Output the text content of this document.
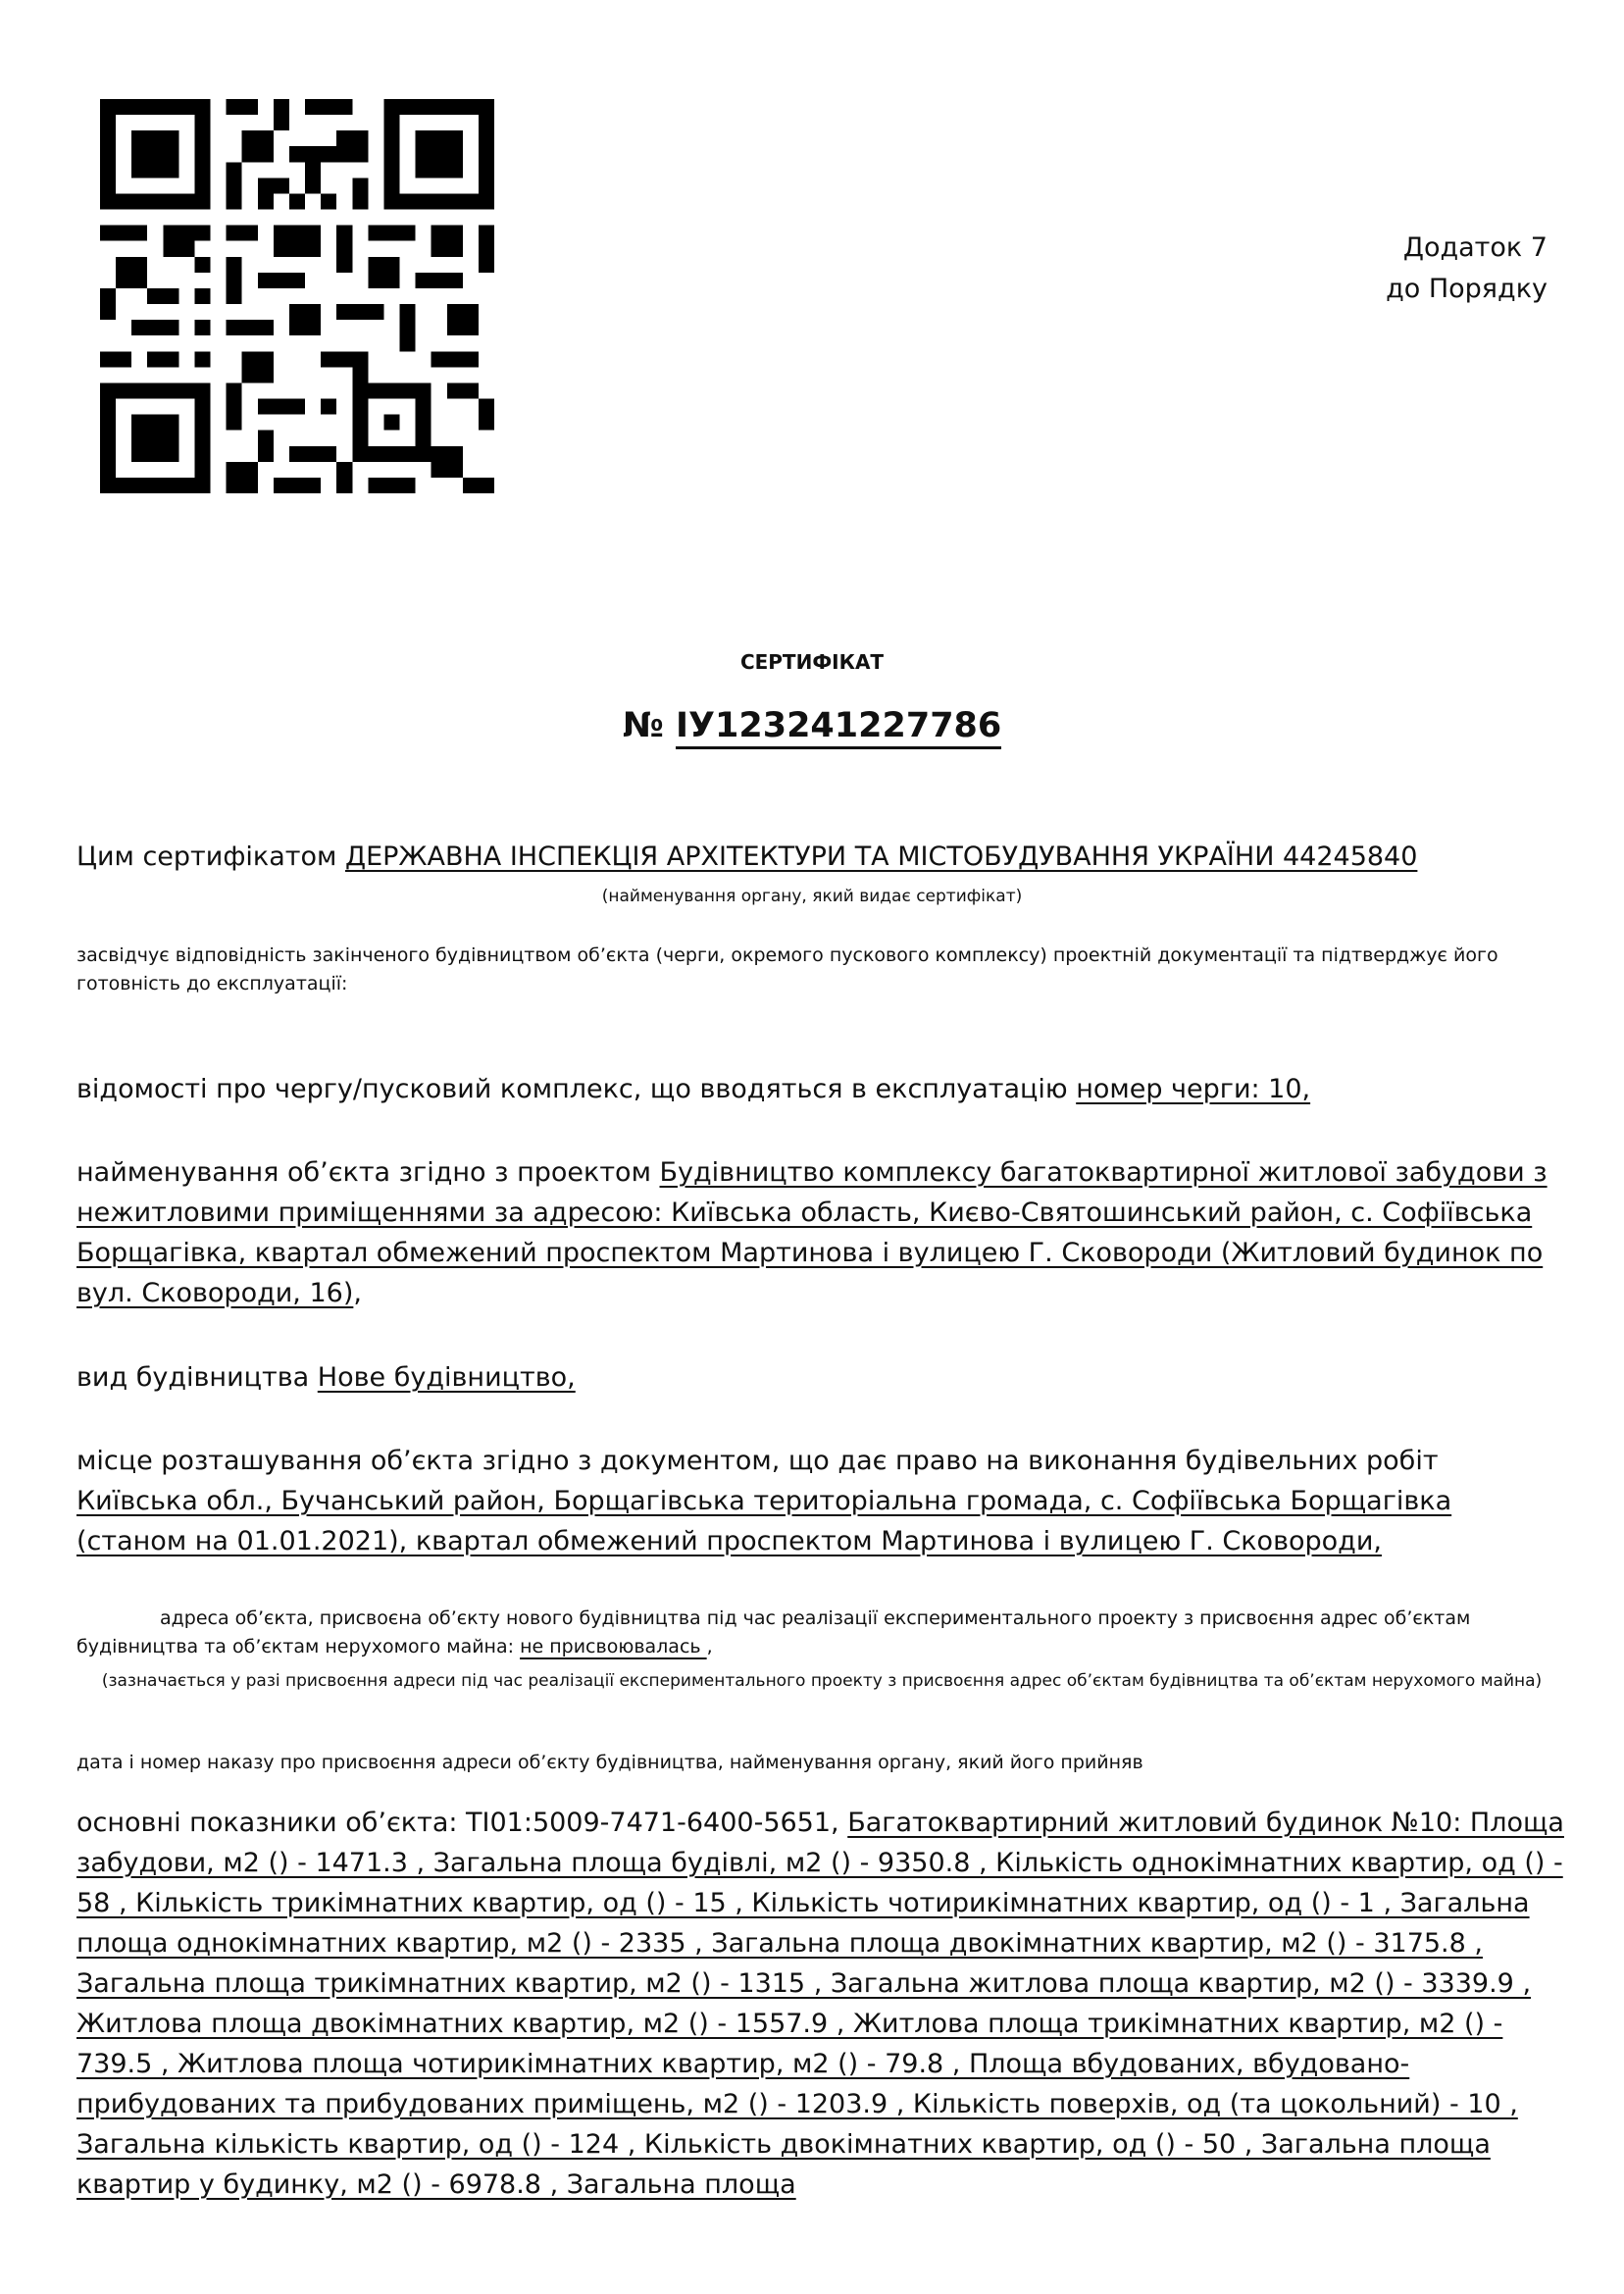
Додаток 7
до Порядку
СЕРТИФІКАТ
№ ІУ123241227786
Цим сертифікатом ДЕРЖАВНА ІНСПЕКЦІЯ АРХІТЕКТУРИ ТА МІСТОБУДУВАННЯ УКРАЇНИ 44245840
(найменування органу, який видає сертифікат)
засвідчує відповідність закінченого будівництвом об’єкта (черги, окремого пускового комплексу) проектній документації та підтверджує його готовність до експлуатації:
відомості про чергу/пусковий комплекс, що вводяться в експлуатацію номер черги: 10,
найменування об’єкта згідно з проектом Будівництво комплексу багатоквартирної житлової забудови з нежитловими приміщеннями за адресою: Київська область, Києво-Святошинський район, с. Софіївська Борщагівка, квартал обмежений проспектом Мартинова і вулицею Г. Сковороди (Житловий будинок по вул. Сковороди, 16),
вид будівництва Нове будівництво,
місце розташування об’єкта згідно з документом, що дає право на виконання будівельних робіт Київська обл., Бучанський район, Борщагівська територіальна громада, с. Софіївська Борщагівка (станом на 01.01.2021), квартал обмежений проспектом Мартинова і вулицею Г. Сковороди,
адреса об’єкта, присвоєна об’єкту нового будівництва під час реалізації експериментального проекту з присвоєння адрес об’єктам будівництва та об’єктам нерухомого майна: не присвоювалась ,
(зазначається у разі присвоєння адреси під час реалізації експериментального проекту з присвоєння адрес об’єктам будівництва та об’єктам нерухомого майна)
дата і номер наказу про присвоєння адреси об’єкту будівництва, найменування органу, який його прийняв
основні показники об’єкта: ТІ01:5009-7471-6400-5651, Багатоквартирний житловий будинок №10: Площа забудови, м2 () - 1471.3 , Загальна площа будівлі, м2 () - 9350.8 , Кількість однокімнатних квартир, од () - 58 , Кількість трикімнатних квартир, од () - 15 , Кількість чотирикімнатних квартир, од () - 1 , Загальна площа однокімнатних квартир, м2 () - 2335 , Загальна площа двокімнатних квартир, м2 () - 3175.8 , Загальна площа трикімнатних квартир, м2 () - 1315 , Загальна житлова площа квартир, м2 () - 3339.9 , Житлова площа двокімнатних квартир, м2 () - 1557.9 , Житлова площа трикімнатних квартир, м2 () - 739.5 , Житлова площа чотирикімнатних квартир, м2 () - 79.8 , Площа вбудованих, вбудовано-прибудованих та прибудованих приміщень, м2 () - 1203.9 , Кількість поверхів, од (та цокольний) - 10 , Загальна кількість квартир, од () - 124 , Кількість двокімнатних квартир, од () - 50 , Загальна площа квартир у будинку, м2 () - 6978.8 , Загальна площа
